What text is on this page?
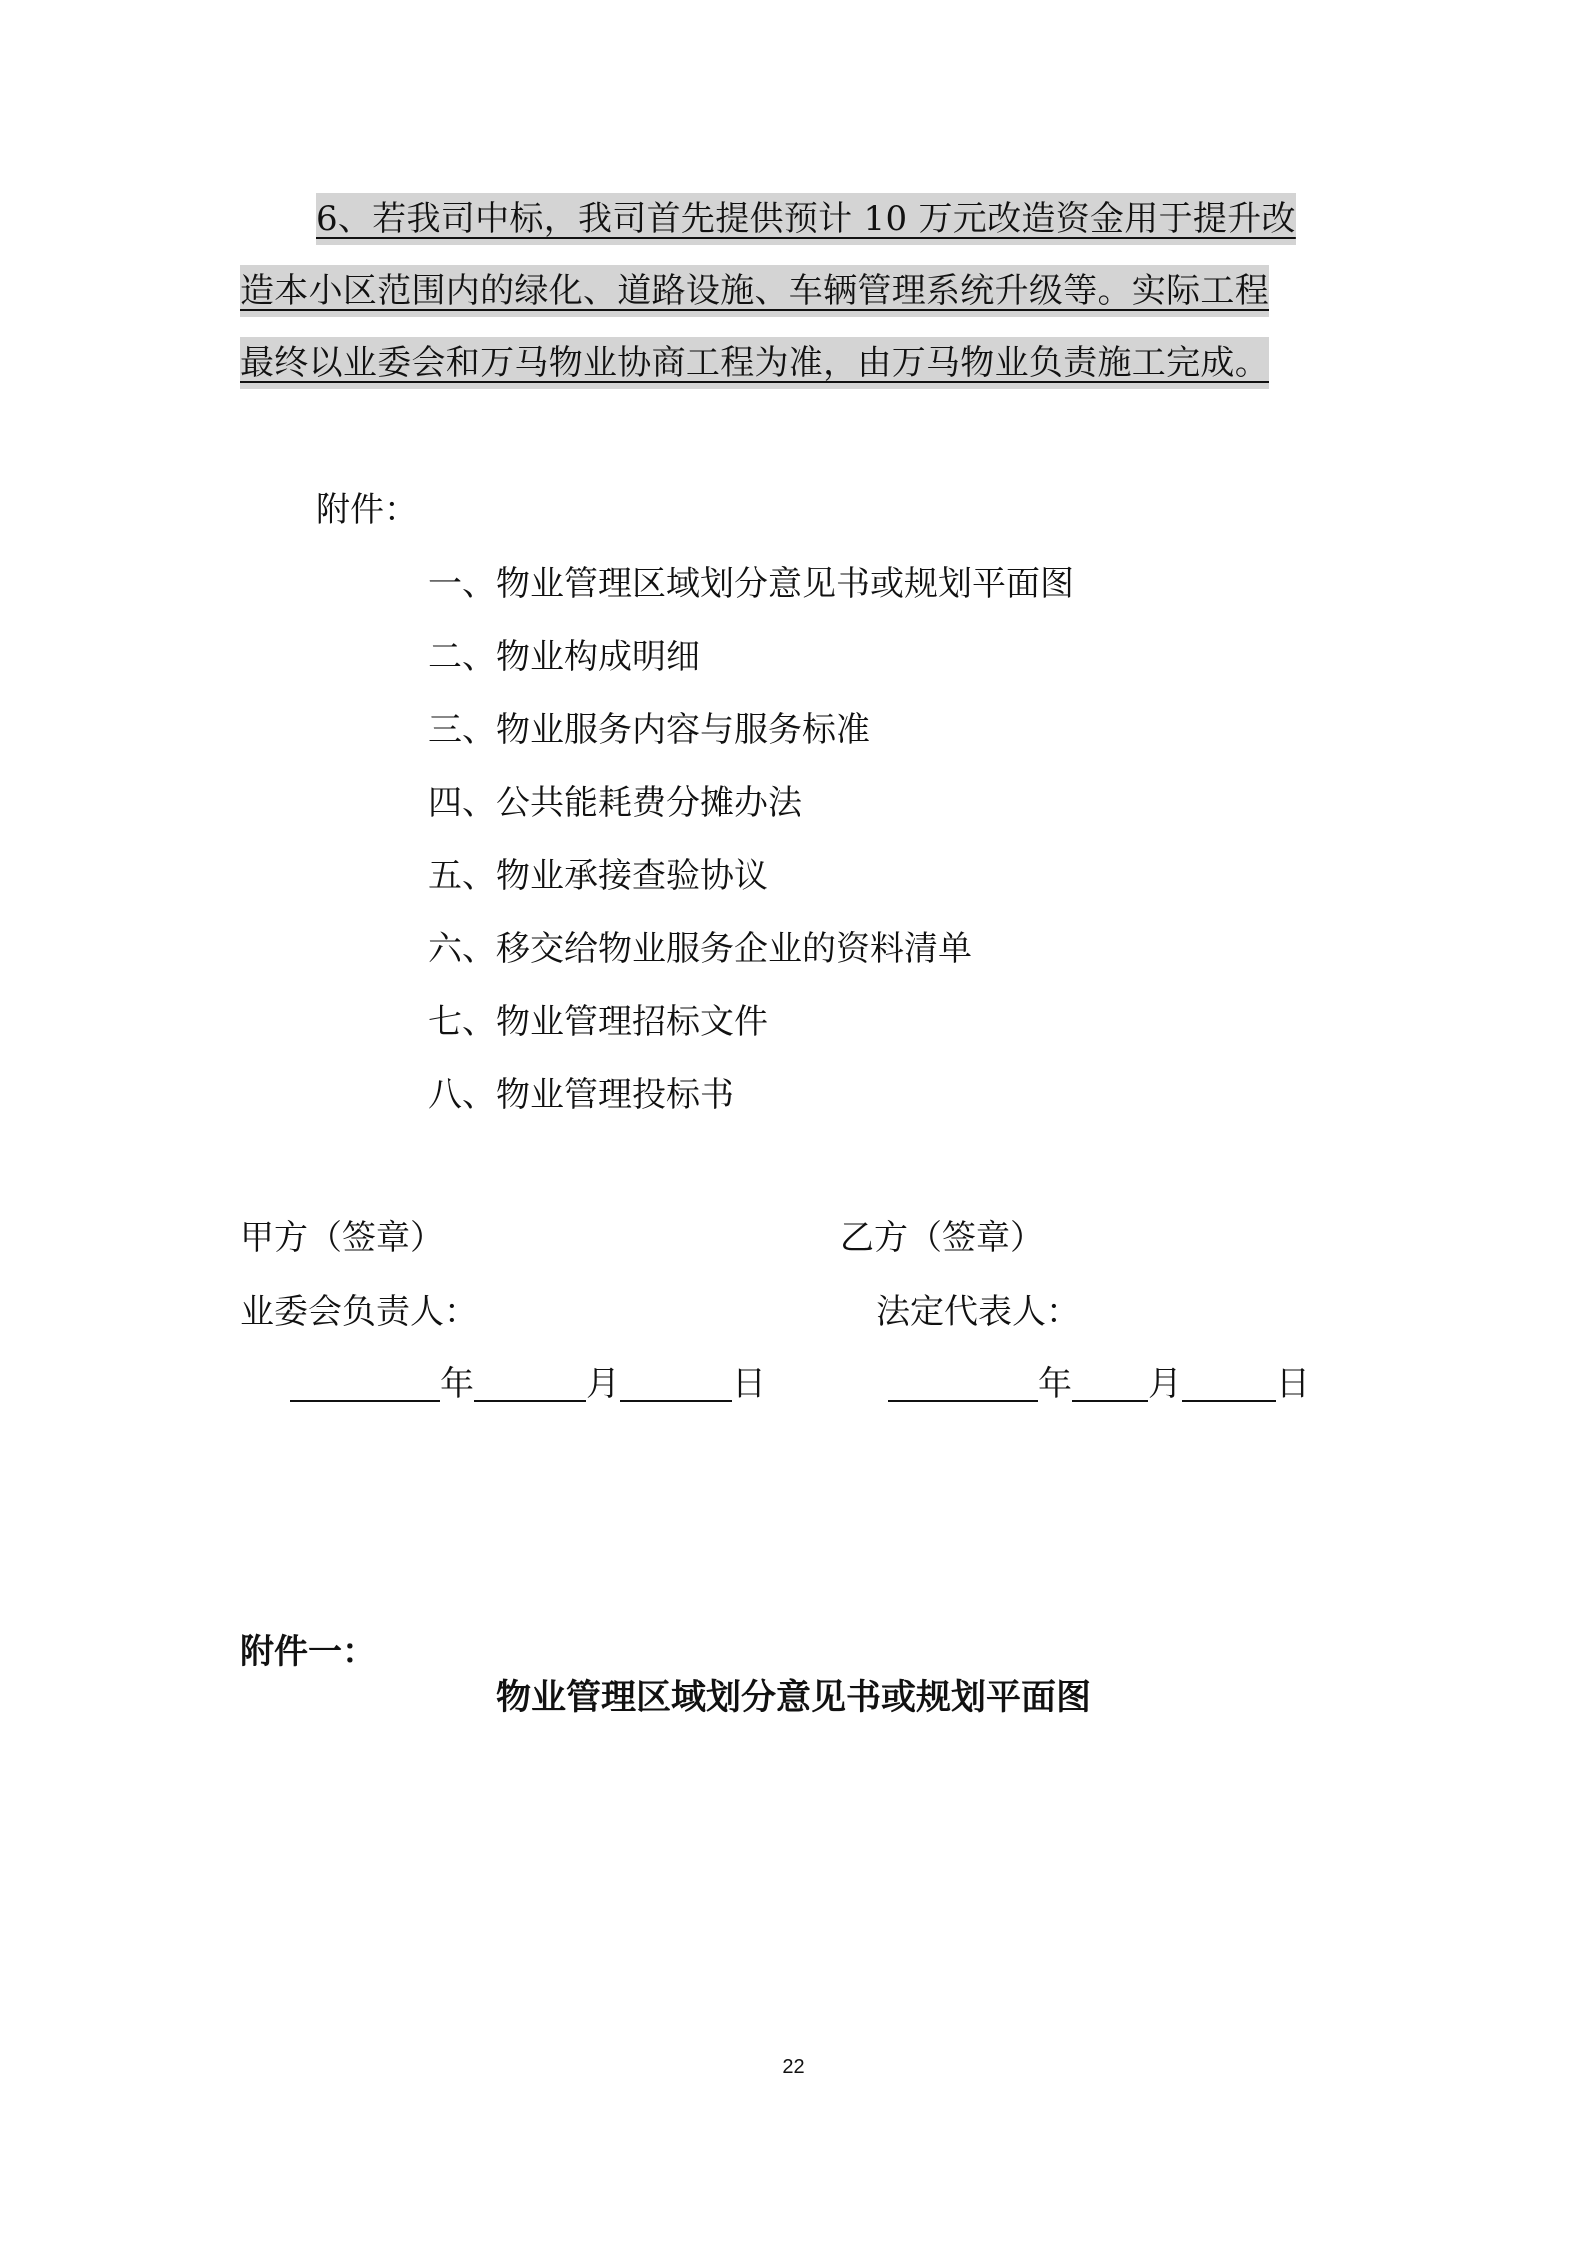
6、若我司中标，我司首先提供预计 10 万元改造资金用于提升改
造本小区范围内的绿化、道路设施、车辆管理系统升级等。实际工程
最终以业委会和万马物业协商工程为准，由万马物业负责施工完成。
附件：
一、物业管理区域划分意见书或规划平面图
二、物业构成明细
三、物业服务内容与服务标准
四、公共能耗费分摊办法
五、物业承接查验协议
六、移交给物业服务企业的资料清单
七、物业管理招标文件
八、物业管理投标书
甲方（签章）	乙方（签章）
业委会负责人：	法定代表人：
年	月	日	年 月	日
附件一：
物业管理区域划分意见书或规划平面图
22
